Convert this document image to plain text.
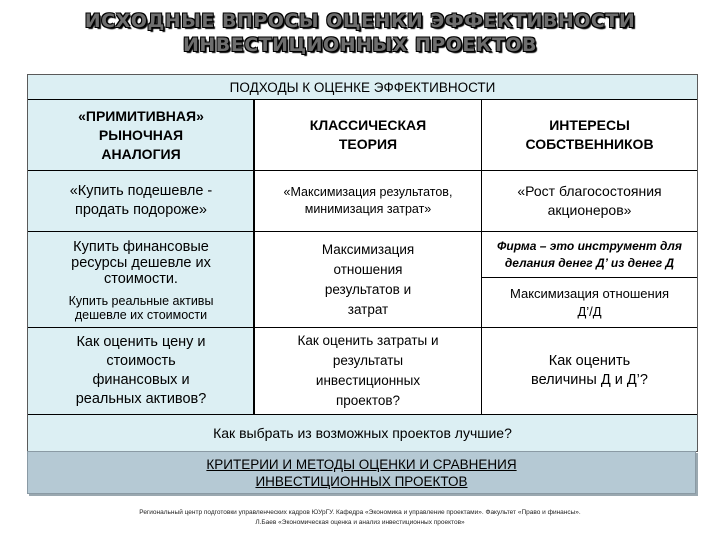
ИСХОДНЫЕ ВПРОСЫ ОЦЕНКИ ЭФФЕКТИВНОСТИ
ИНВЕСТИЦИОННЫХ ПРОЕКТОВ
ПОДХОДЫ К ОЦЕНКЕ ЭФФЕКТИВНОСТИ
«ПРИМИТИВНАЯ»
РЫНОЧНАЯ
АНАЛОГИЯ
«Купить подешевле -
продать подороже»
Купить финансовые
ресурсы дешевле их
стоимости.
Купить реальные активы
дешевле их стоимости
Как оценить цену и
стоимость
финансовых и
реальных активов?
КЛАССИЧЕСКАЯ
ТЕОРИЯ
«Максимизация результатов,
минимизация затрат»
Максимизация
отношения
результатов и
затрат
Как оценить затраты и
результаты
инвестиционных
проектов?
ИНТЕРЕСЫ
СОБСТВЕННИКОВ
«Рост благосостояния
акционеров»
Фирма – это инструмент для
делания денег Д’ из денег Д
Максимизация отношения
Д’/Д
Как оценить
величины Д и Д’?
Как выбрать из возможных проектов лучшие?
КРИТЕРИИ И МЕТОДЫ ОЦЕНКИ И СРАВНЕНИЯ
ИНВЕСТИЦИОННЫХ ПРОЕКТОВ
Региональный центр подготовки управленческих кадров ЮУрГУ. Кафедра «Экономика и управление проектами». Факультет «Право и финансы».
Л.Баев «Экономическая оценка и анализ инвестиционных проектов»
